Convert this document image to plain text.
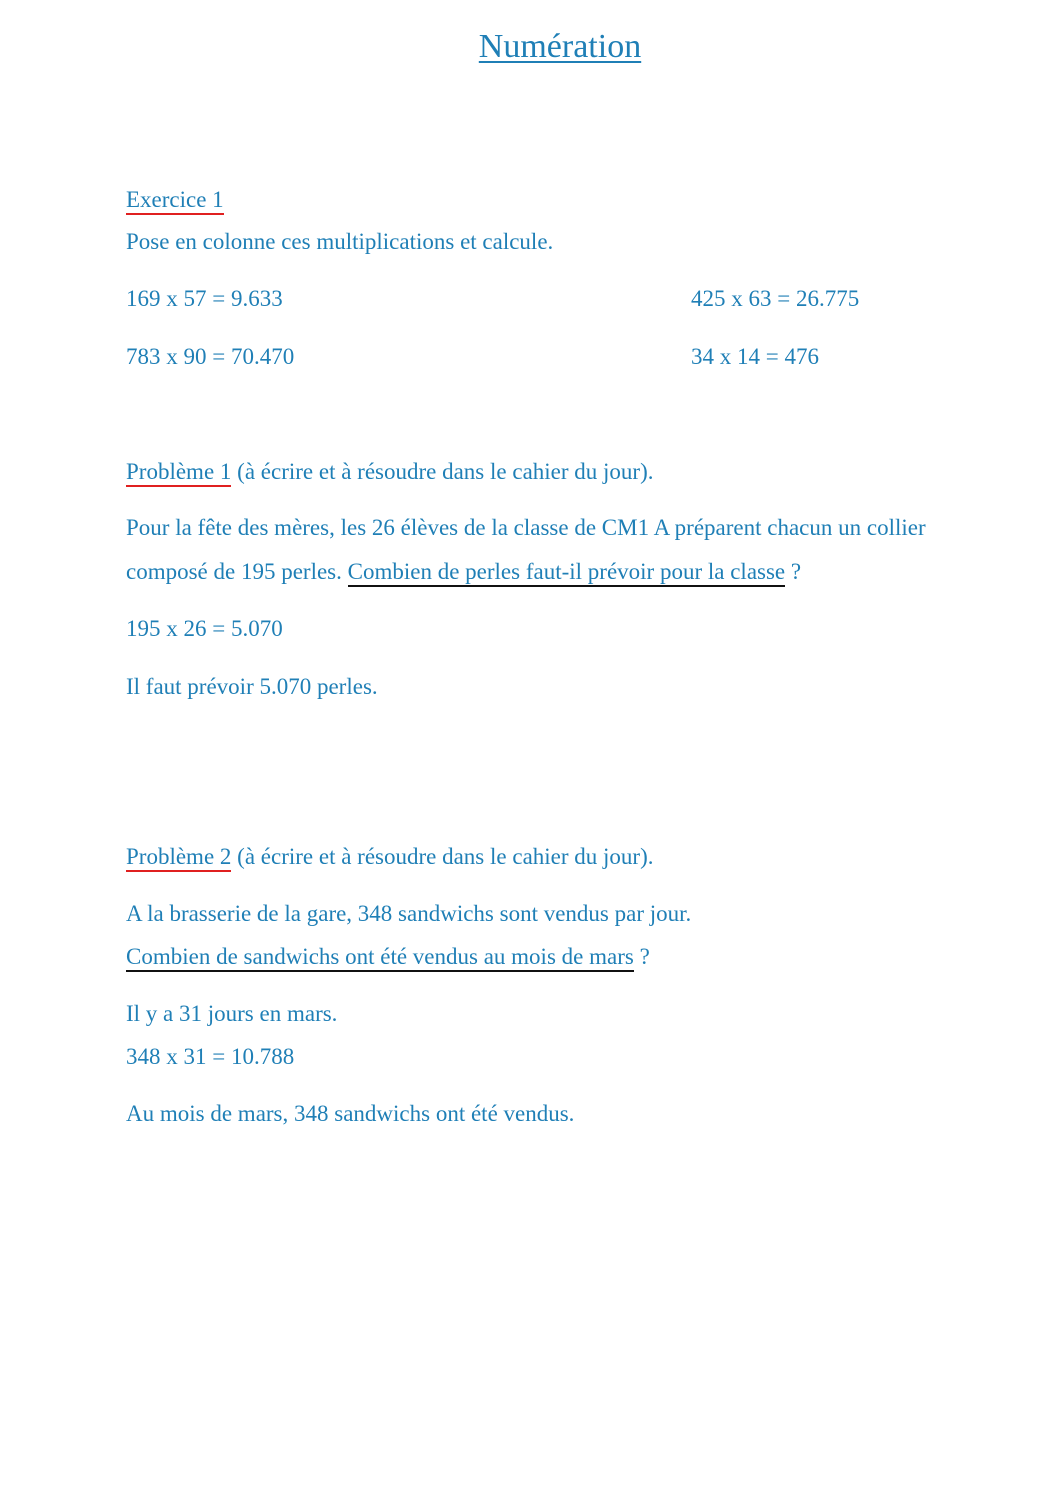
Numération
Exercice 1
Pose en colonne ces multiplications et calcule.
169 x 57 = 9.633	425 x 63 = 26.775
783 x 90 = 70.470	34 x 14 = 476
Problème 1 (à écrire et à résoudre dans le cahier du jour).
Pour la fête des mères, les 26 élèves de la classe de CM1 A préparent chacun un collier
composé de 195 perles. Combien de perles faut-il prévoir pour la classe ?
195 x 26 = 5.070
Il faut prévoir 5.070 perles.
Problème 2 (à écrire et à résoudre dans le cahier du jour).
A la brasserie de la gare, 348 sandwichs sont vendus par jour.
Combien de sandwichs ont été vendus au mois de mars ?
Il y a 31 jours en mars.
348 x 31 = 10.788
Au mois de mars, 348 sandwichs ont été vendus.
